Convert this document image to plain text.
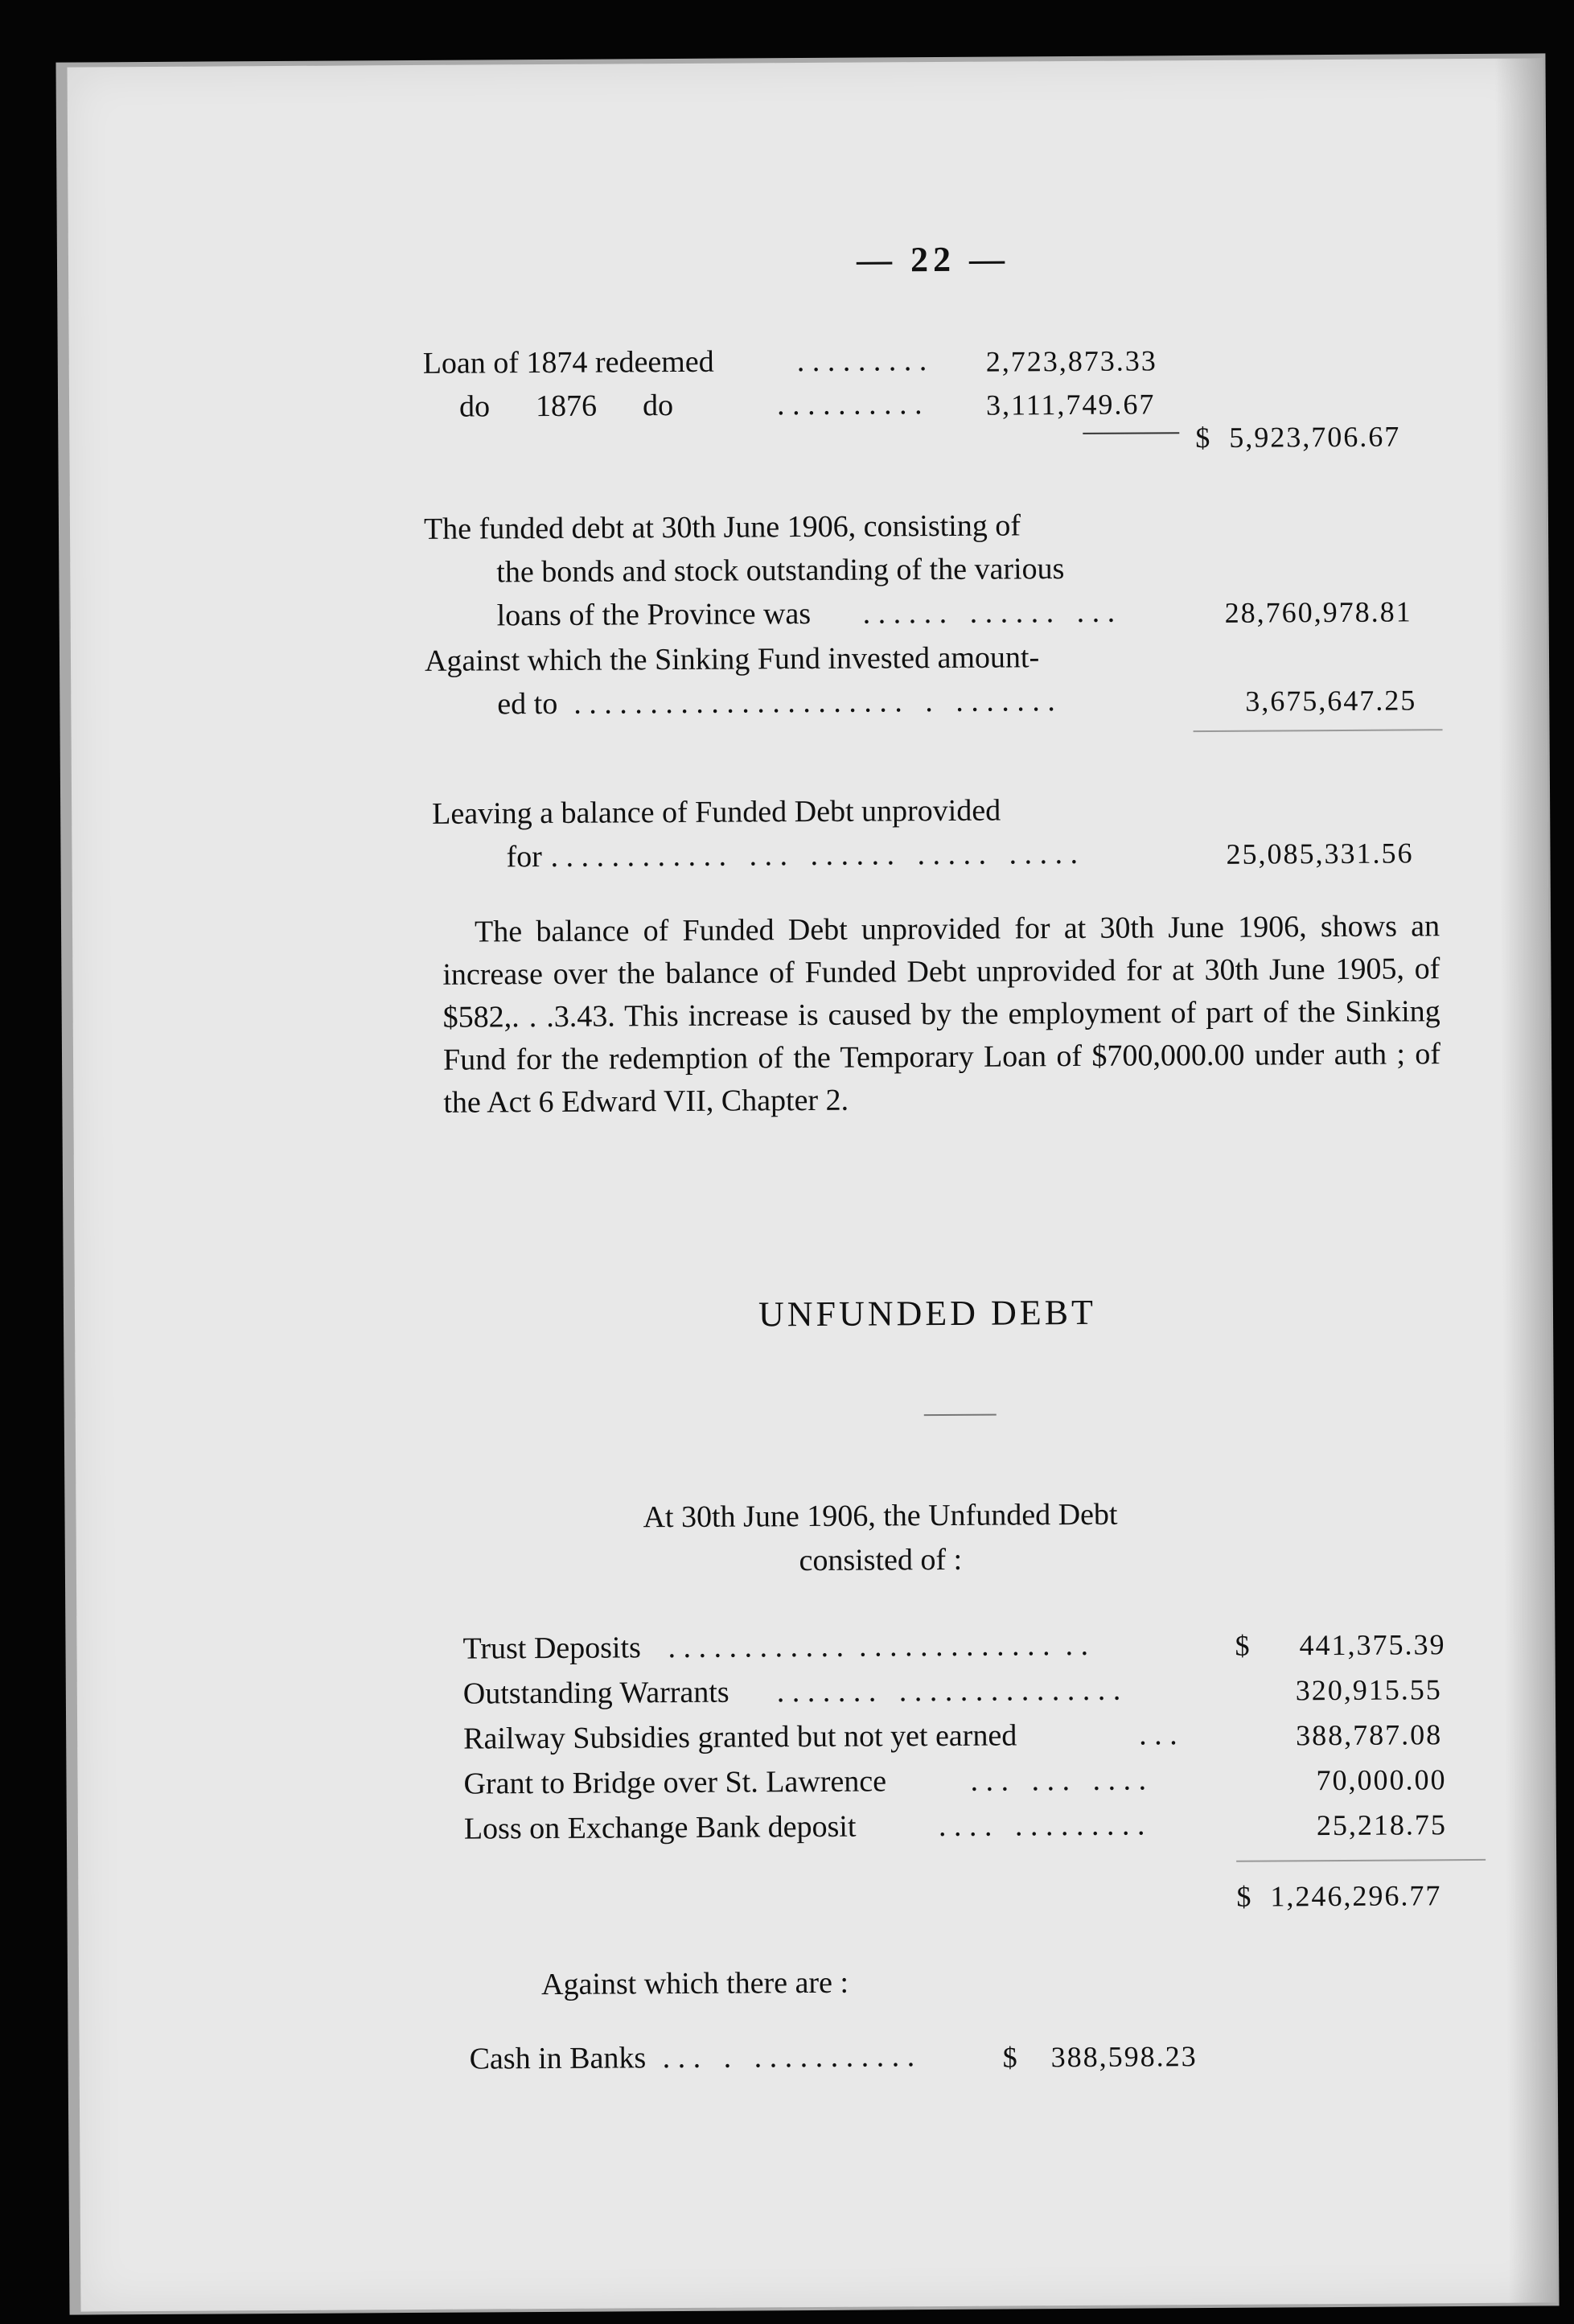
— 22 —
Loan of 1874 redeemed	. . . . . . . . . 2,723,873.33
do      1876      do	. . . . . . . . . . 3,111,749.67
$  5,923,706.67
The funded debt at 30th June 1906, consisting of
the bonds and stock outstanding of the various
loans of the Province was . . . . . .   . . . . . .   . . .	28,760,978.81
Against which the Sinking Fund invested amount-
ed to . . . . . . . . . . . . . . . . . . . . . .   .   . . . . . . .	3,675,647.25
Leaving a balance of Funded Debt unprovided
for . . . . . . . . . . . .   . . .   . . . . . .   . . . . .   . . . . .	25,085,331.56
The balance of Funded Debt unprovided for at 30th June 1906, shows an increase over the balance of Funded Debt unprovided for at 30th June 1905, of $582,. . .3.43. This increase is caused by the employment of part of the Sinking Fund for the redemption of the Temporary Loan of $700,000.00 under auth ; of the Act 6 Edward VII, Chapter 2.
UNFUNDED DEBT
At 30th June 1906, the Unfunded Debt
consisted of :
Trust Deposits . . . . . . . . . . . .  . . . . . . . . . . . . .  . .	$ 441,375.39
Outstanding Warrants . . . . . . .   . . . . . . . . . . . . . . .	320,915.55
Railway Subsidies granted but not yet earned	. . .	388,787.08
Grant to Bridge over St. Lawrence	. . .   . . .   . . . .	70,000.00
Loss on Exchange Bank deposit	. . . .   . . . . . . . . .	25,218.75
$  1,246,296.77
Against which there are :
Cash in Banks . . .   .   . . . . . . . . . . .	$ 388,598.23
